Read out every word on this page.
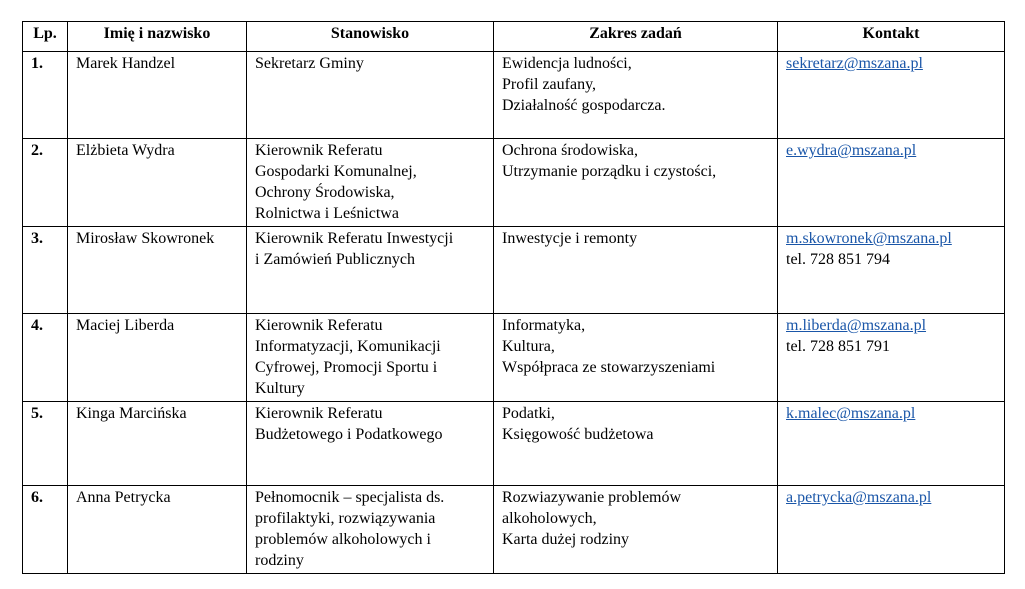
Lp.	Imię i nazwisko	Stanowisko	Zakres zadań	Kontakt
1.	Marek Handzel	Sekretarz Gminy	Ewidencja ludności,
Profil zaufany,
Działalność gospodarcza.	sekretarz@mszana.pl

2.	Elżbieta Wydra	Kierownik Referatu
Gospodarki Komunalnej,
Ochrony Środowiska,
Rolnictwa i Leśnictwa	Ochrona środowiska,
Utrzymanie porządku i czystości,	e.wydra@mszana.pl

3.	Mirosław Skowronek	Kierownik Referatu Inwestycji
i Zamówień Publicznych	Inwestycje i remonty	m.skowronek@mszana.pl
tel. 728 851 794

4.	Maciej Liberda	Kierownik Referatu
Informatyzacji, Komunikacji
Cyfrowej, Promocji Sportu i
Kultury	Informatyka,
Kultura,
Współpraca ze stowarzyszeniami	m.liberda@mszana.pl
tel. 728 851 791

5.	Kinga Marcińska	Kierownik Referatu
Budżetowego i Podatkowego	Podatki,
Księgowość budżetowa	k.malec@mszana.pl

6.	Anna Petrycka	Pełnomocnik – specjalista ds.
profilaktyki, rozwiązywania
problemów alkoholowych i
rodziny	Rozwiazywanie problemów
alkoholowych,
Karta dużej rodziny	a.petrycka@mszana.pl
